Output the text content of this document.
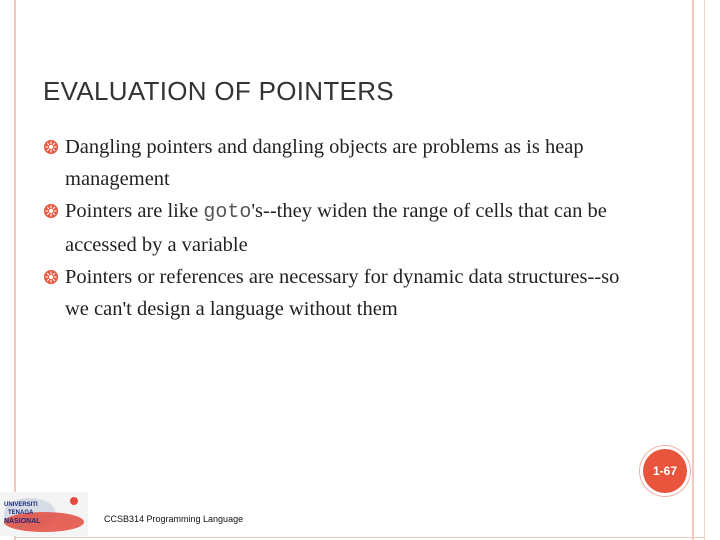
EVALUATION OF POINTERS
Dangling pointers and dangling objects are problems as is heap management
Pointers are like goto's--they widen the range of cells that can be accessed by a variable
Pointers or references are necessary for dynamic data structures--so we can't design a language without them
1-67
UNIVERSITI
TENAGA
NASIONAL	CCSB314 Programming Language
